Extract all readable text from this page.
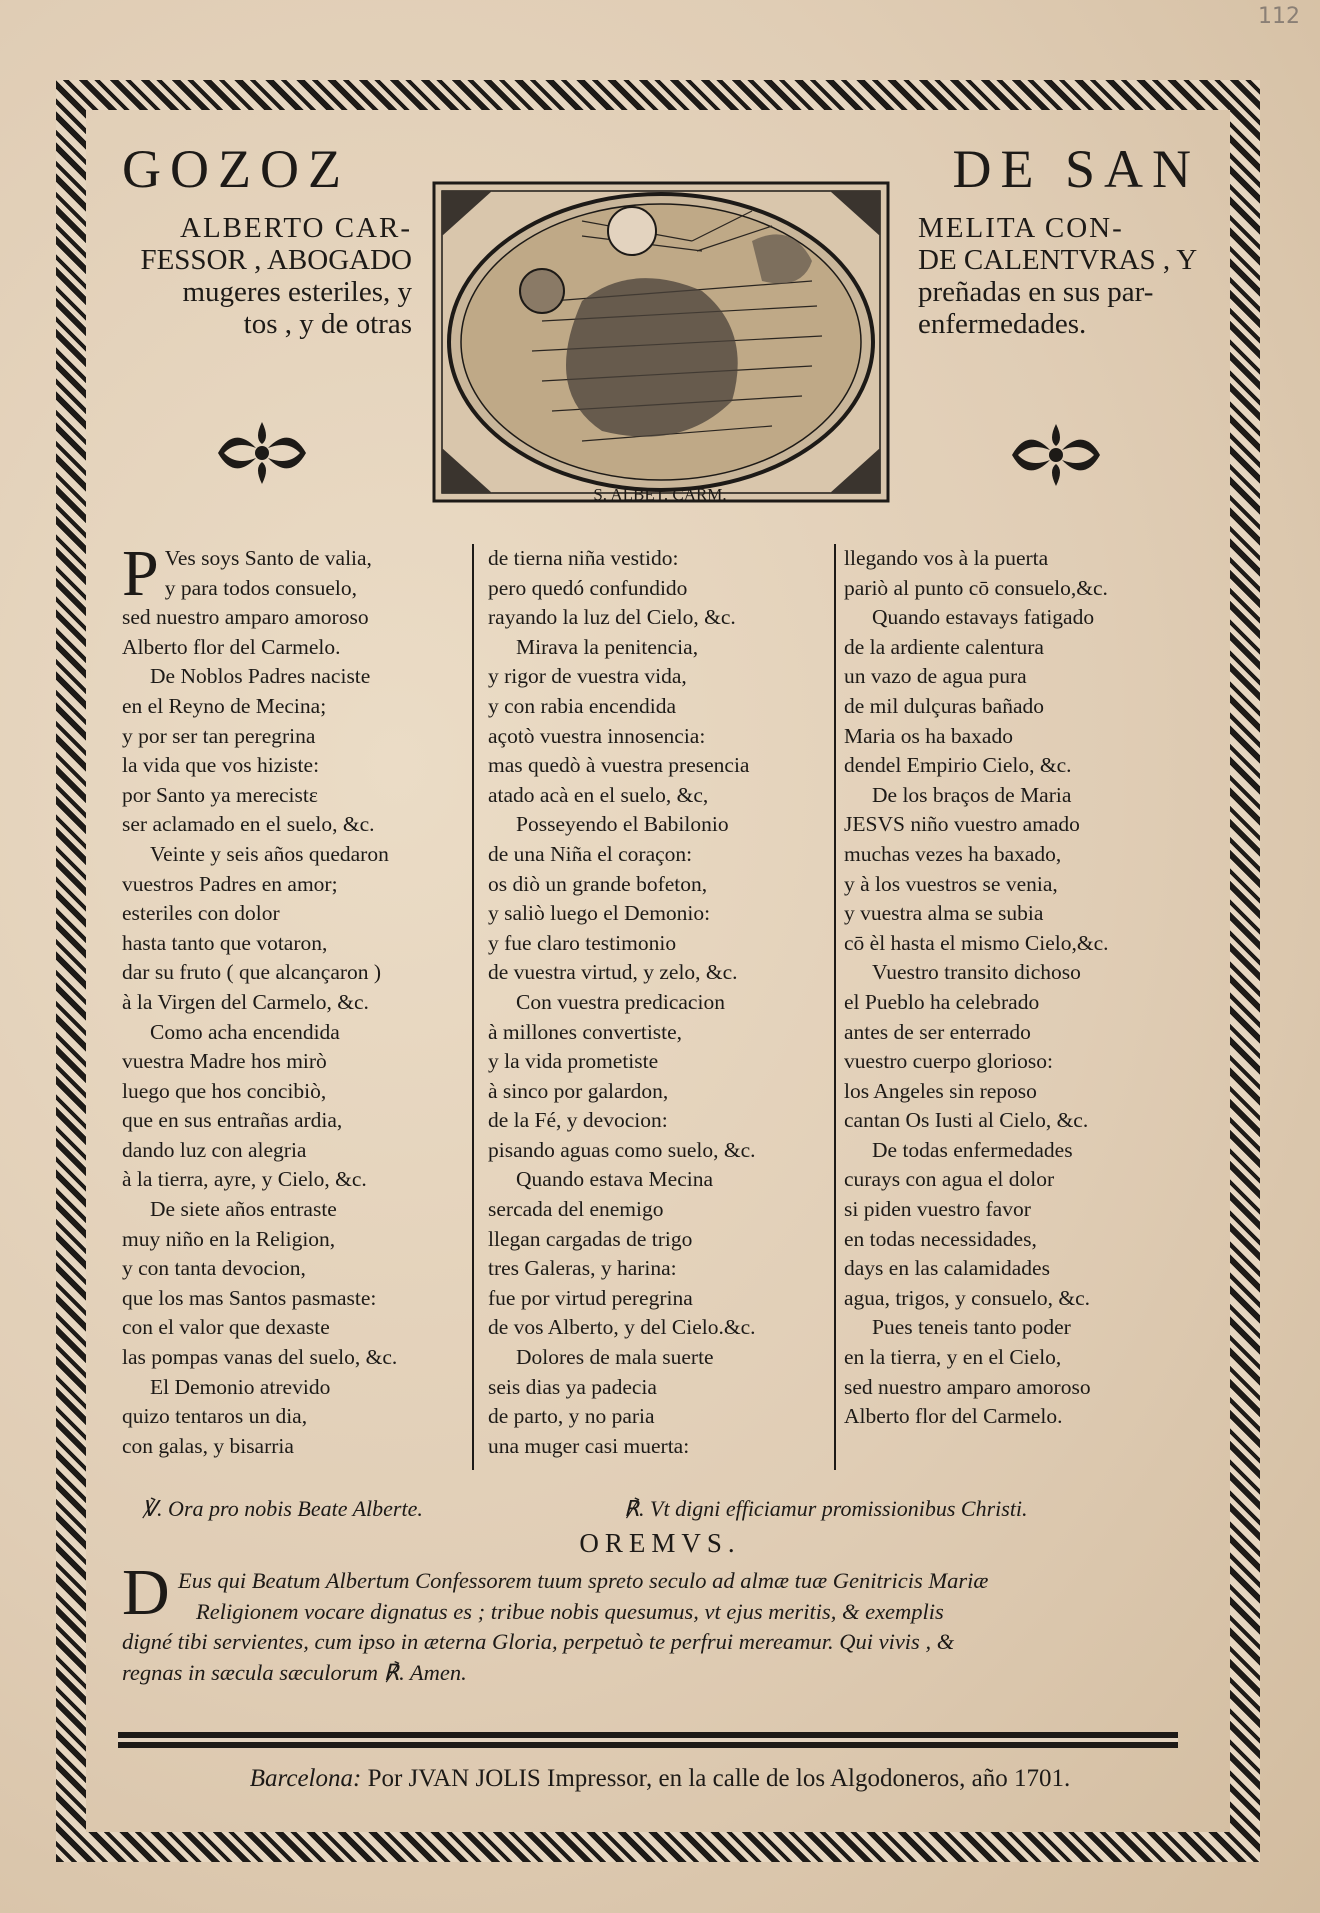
112
GOZOZ	DE SAN
ALBERTO CAR-
FESSOR , ABOGADO
mugeres esteriles, y
tos , y de otras
MELITA CON-
DE CALENTVRAS , Y
preñadas en sus par-
enfermedades.
S. ALBET. CARM.
P Ves soys Santo de valia,
y para todos consuelo,
sed nuestro amparo amoroso
Alberto flor del Carmelo.
De Noblos Padres naciste
en el Reyno de Mecina;
y por ser tan peregrina
la vida que vos hiziste:
por Santo ya merecistɛ
ser aclamado en el suelo, &c.
Veinte y seis años quedaron
vuestros Padres en amor;
esteriles con dolor
hasta tanto que votaron,
dar su fruto ( que alcançaron )
à la Virgen del Carmelo, &c.
Como acha encendida
vuestra Madre hos mirò
luego que hos concibiò,
que en sus entrañas ardia,
dando luz con alegria
à la tierra, ayre, y Cielo, &c.
De siete años entraste
muy niño en la Religion,
y con tanta devocion,
que los mas Santos pasmaste:
con el valor que dexaste
las pompas vanas del suelo, &c.
El Demonio atrevido
quizo tentaros un dia,
con galas, y bisarria
de tierna niña vestido:
pero quedó confundido
rayando la luz del Cielo, &c.
Mirava la penitencia,
y rigor de vuestra vida,
y con rabia encendida
açotò vuestra innosencia:
mas quedò à vuestra presencia
atado acà en el suelo, &c,
Posseyendo el Babilonio
de una Niña el coraçon:
os diò un grande bofeton,
y saliò luego el Demonio:
y fue claro testimonio
de vuestra virtud, y zelo, &c.
Con vuestra predicacion
à millones convertiste,
y la vida prometiste
à sinco por galardon,
de la Fé, y devocion:
pisando aguas como suelo, &c.
Quando estava Mecina
sercada del enemigo
llegan cargadas de trigo
tres Galeras, y harina:
fue por virtud peregrina
de vos Alberto, y del Cielo.&c.
Dolores de mala suerte
seis dias ya padecia
de parto, y no paria
una muger casi muerta:
llegando vos à la puerta
pariò al punto cō consuelo,&c.
Quando estavays fatigado
de la ardiente calentura
un vazo de agua pura
de mil dulçuras bañado
Maria os ha baxado
dendel Empirio Cielo, &c.
De los braços de Maria
JESVS niño vuestro amado
muchas vezes ha baxado,
y à los vuestros se venia,
y vuestra alma se subia
cō èl hasta el mismo Cielo,&c.
Vuestro transito dichoso
el Pueblo ha celebrado
antes de ser enterrado
vuestro cuerpo glorioso:
los Angeles sin reposo
cantan Os Iusti al Cielo, &c.
De todas enfermedades
curays con agua el dolor
si piden vuestro favor
en todas necessidades,
days en las calamidades
agua, trigos, y consuelo, &c.
Pues teneis tanto poder
en la tierra, y en el Cielo,
sed nuestro amparo amoroso
Alberto flor del Carmelo.
℣. Ora pro nobis Beate Alberte.	℟. Vt digni efficiamur promissionibus Christi.
OREMVS.
D Eus qui Beatum Albertum Confessorem tuum spreto seculo ad almæ tuæ Genitricis Mariæ
Religionem vocare dignatus es ; tribue nobis quesumus, vt ejus meritis, & exemplis
digné tibi servientes, cum ipso in æterna Gloria, perpetuò te perfrui mereamur. Qui vivis , &
regnas in sæcula sæculorum ℟. Amen.
Barcelona: Por JVAN JOLIS Impressor, en la calle de los Algodoneros, año 1701.
